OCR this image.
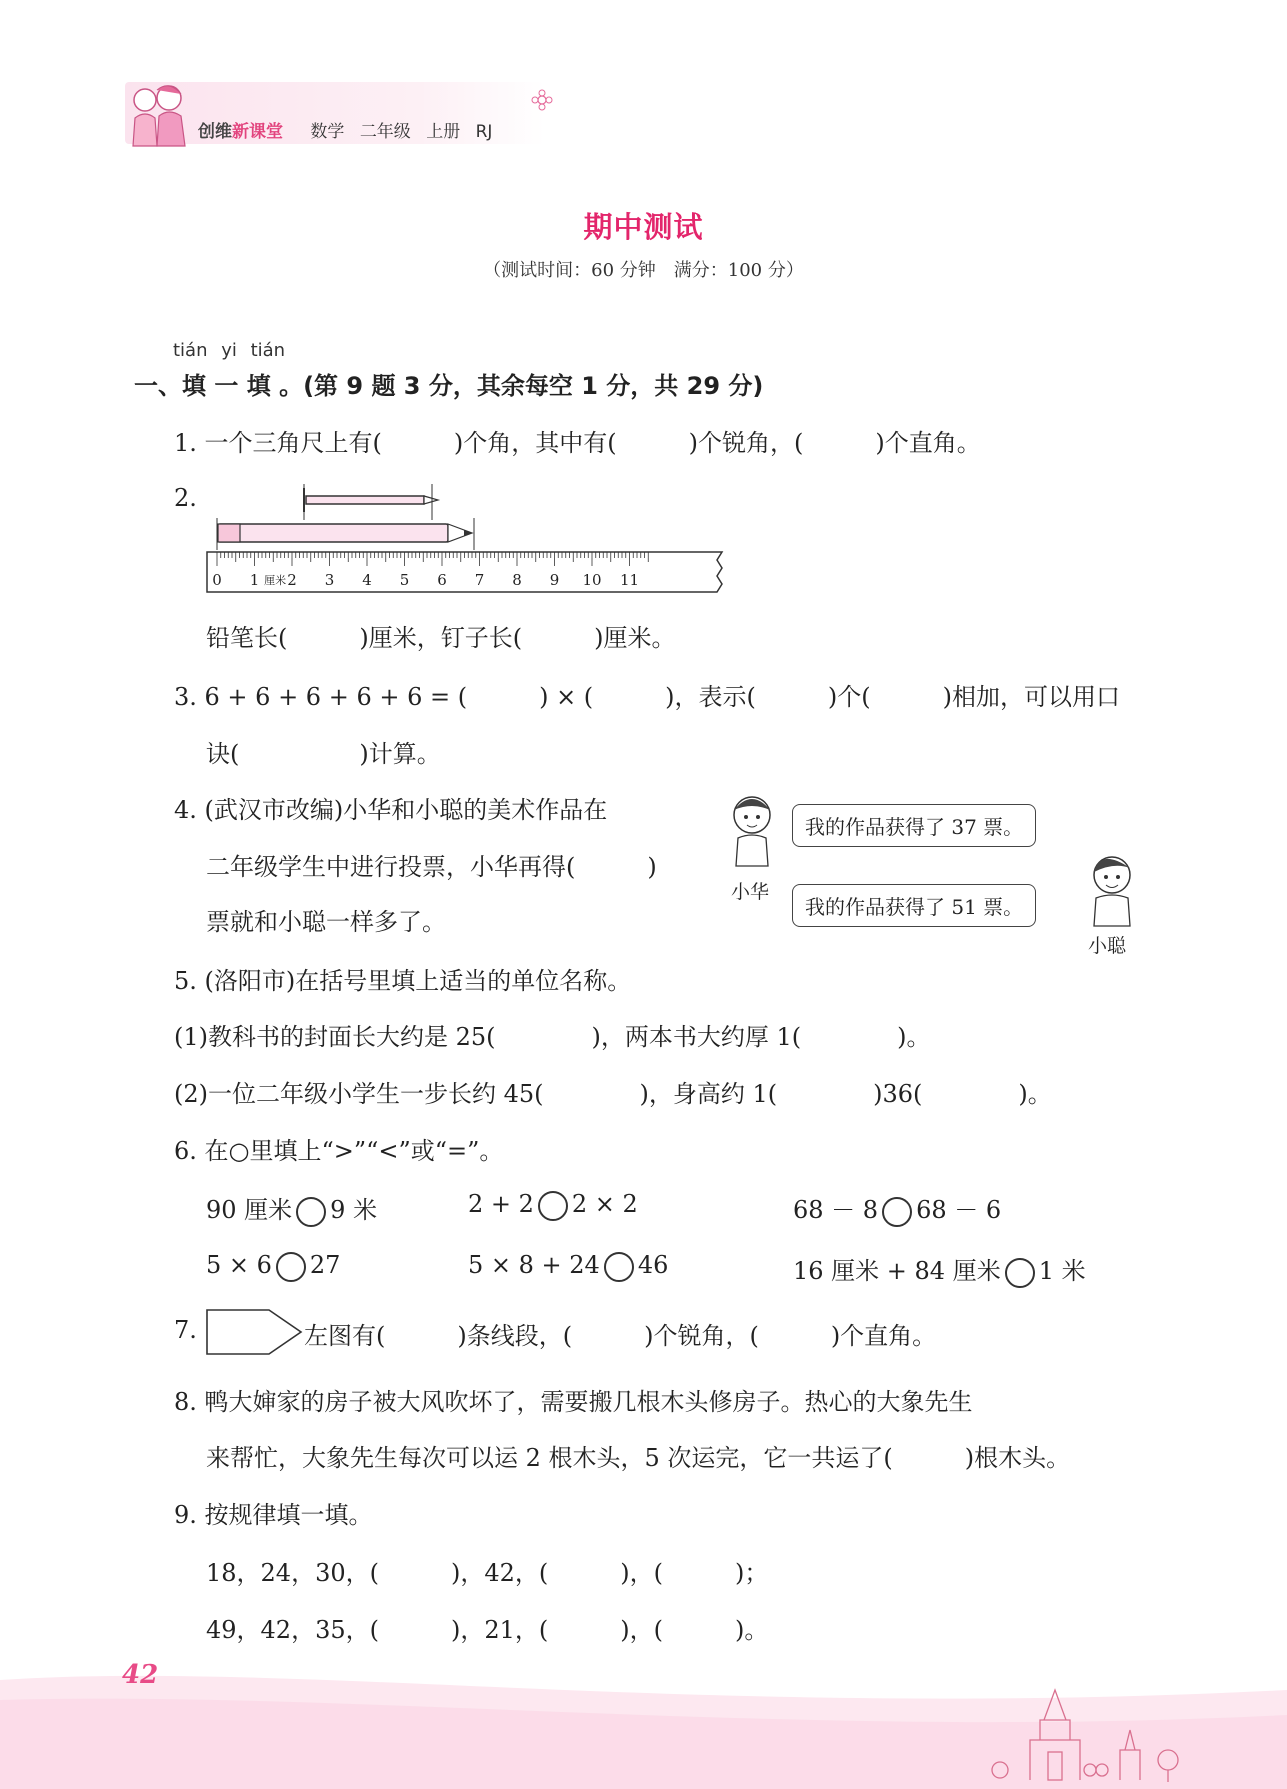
创维新课堂 数学 二年级 上册 RJ
期中测试
（测试时间：60 分钟　满分：100 分）
tián yi tián
一、填 一 填 。(第 9 题 3 分，其余每空 1 分，共 29 分)
1. 一个三角尺上有(　　　)个角，其中有(　　　)个锐角，(　　　)个直角。
2.
0 1 2 3 4 5 6 7 8 9 10 11
厘米
铅笔长(　　　)厘米，钉子长(　　　)厘米。
3. 6 + 6 + 6 + 6 + 6 = (　　　) × (　　　)，表示(　　　)个(　　　)相加，可以用口
诀(　　　　　)计算。
4. (武汉市改编)小华和小聪的美术作品在
二年级学生中进行投票，小华再得(　　　)
票就和小聪一样多了。
小华
我的作品获得了 37 票。
我的作品获得了 51 票。
小聪
5. (洛阳市)在括号里填上适当的单位名称。
(1)教科书的封面长大约是 25(　　　　)，两本书大约厚 1(　　　　)。
(2)一位二年级小学生一步长约 45(　　　　)，身高约 1(　　　　)36(　　　　)。
6. 在○里填上“>”“<”或“=”。
90 厘米 9 米	2 + 2 2 × 2	68 － 8 68 － 6
5 × 6 27	5 × 8 + 24 46	16 厘米 + 84 厘米 1 米
7.	左图有(　　　)条线段，(　　　)个锐角，(　　　)个直角。
8. 鸭大婶家的房子被大风吹坏了，需要搬几根木头修房子。热心的大象先生
来帮忙，大象先生每次可以运 2 根木头，5 次运完，它一共运了(　　　)根木头。
9. 按规律填一填。
18，24，30，(　　　)，42，(　　　)，(　　　)；
49，42，35，(　　　)，21，(　　　)，(　　　)。
42
